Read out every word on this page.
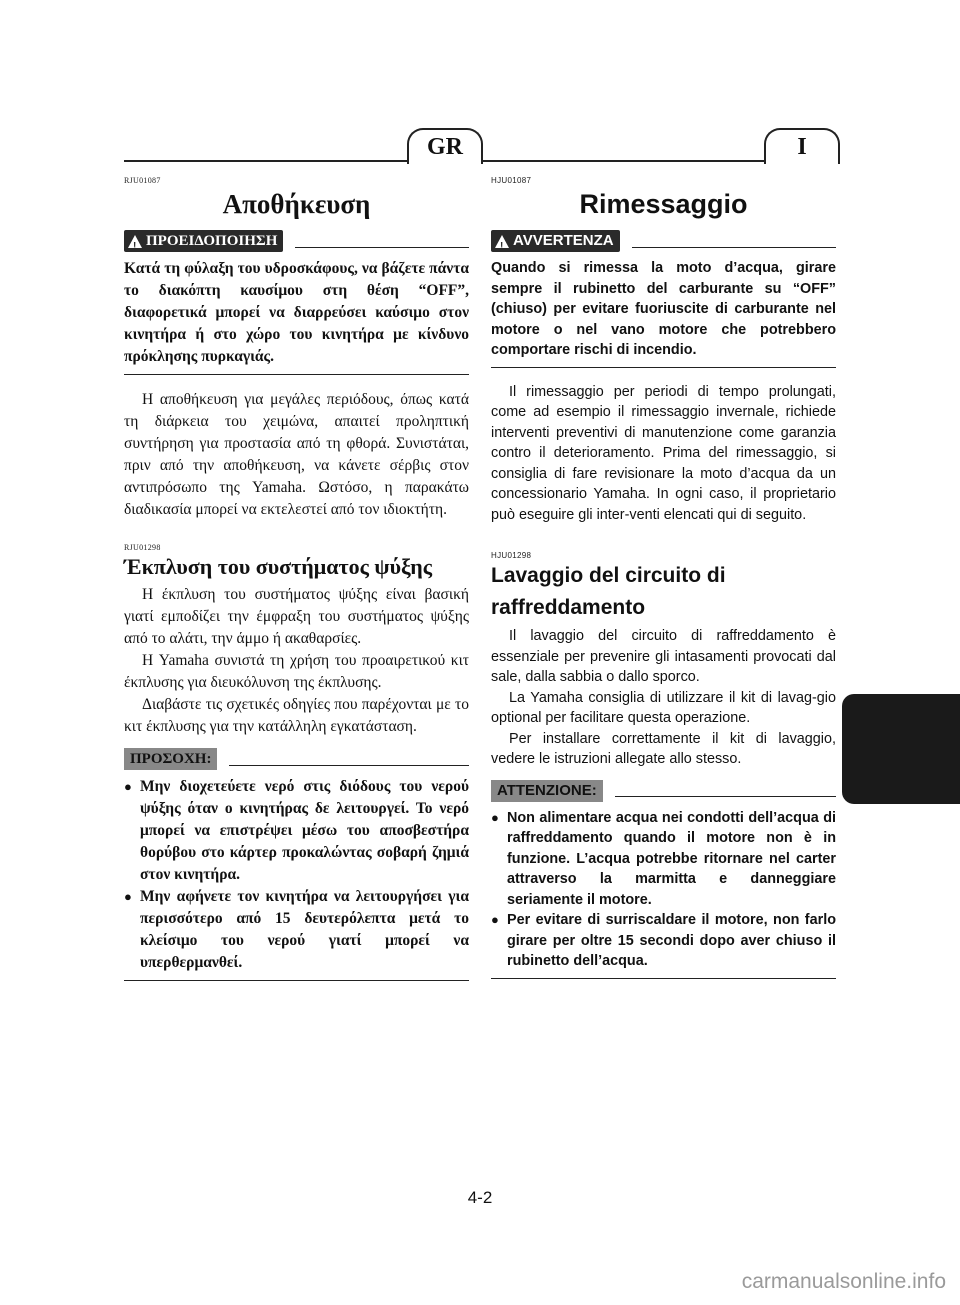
GR	I

RJU01087

Αποθήκευση
!
ΠΡΟΕΙΔΟΠΟΙΗΣΗ

Κατά τη φύλαξη του υδροσκάφους, να βάζετε πάντα το διακόπτη καυσίμου στη θέση “OFF”, διαφορετικά μπορεί να διαρρεύσει καύσιμο στον κινητήρα ή στο χώρο του κινητήρα με κίνδυνο πρόκλησης πυρκαγιάς.

Η αποθήκευση για μεγάλες περιόδους, όπως κατά τη διάρκεια του χειμώνα, απαιτεί προληπτική συντήρηση για προστασία από τη φθορά. Συνιστάται, πριν από την αποθήκευση, να κάνετε σέρβις στον αντιπρόσωπο της Yamaha. Ωστόσο, η παρακάτω διαδικασία μπορεί να εκτελεστεί από τον ιδιοκτήτη.

RJU01298

Έκπλυση του συστήματος ψύξης

Η έκπλυση του συστήματος ψύξης είναι βασική γιατί εμποδίζει την έμφραξη του συστήματος ψύξης από το αλάτι, την άμμο ή ακαθαρσίες.

Η Yamaha συνιστά τη χρήση του προαιρετικού κιτ έκπλυσης για διευκόλυνση της έκπλυσης.

Διαβάστε τις σχετικές οδηγίες που παρέχονται με το κιτ έκπλυσης για την κατάλληλη εγκατάσταση.

ΠΡΟΣΟΧΗ:
● Μην διοχετεύετε νερό στις διόδους του νερού ψύξης όταν ο κινητήρας δε λειτουργεί. Το νερό μπορεί να επιστρέψει μέσω του αποσβεστήρα θορύβου στο κάρτερ προκαλώντας σοβαρή ζημιά στον κινητήρα.
● Μην αφήνετε τον κινητήρα να λειτουργήσει για περισσότερο από 15 δευτερόλεπτα μετά το κλείσιμο του νερού γιατί μπορεί να υπερθερμανθεί.

HJU01087

Rimessaggio
!
AVVERTENZA

Quando si rimessa la moto d’acqua, girare sempre il rubinetto del carburante su “OFF” (chiuso) per evitare fuoriuscite di carburante nel motore o nel vano motore che potrebbero comportare rischi di incendio.

Il rimessaggio per periodi di tempo prolungati, come ad esempio il rimessaggio invernale, richiede interventi preventivi di manutenzione come garanzia contro il deterioramento. Prima del rimessaggio, si consiglia di fare revisionare la moto d’acqua da un concessionario Yamaha. In ogni caso, il proprietario può eseguire gli inter-venti elencati qui di seguito.

HJU01298

Lavaggio del circuito di raffreddamento

Il lavaggio del circuito di raffreddamento è essenziale per prevenire gli intasamenti provocati dal sale, dalla sabbia o dallo sporco.

La Yamaha consiglia di utilizzare il kit di lavag-gio optional per facilitare questa operazione.

Per installare correttamente il kit di lavaggio, vedere le istruzioni allegate allo stesso.

ATTENZIONE:
● Non alimentare acqua nei condotti dell’acqua di raffreddamento quando il motore non è in funzione. L’acqua potrebbe ritornare nel carter attraverso la marmitta e danneggiare seriamente il motore.
● Per evitare di surriscaldare il motore, non farlo girare per oltre 15 secondi dopo aver chiuso il rubinetto dell’acqua.
4-2
carmanualsonline.info
